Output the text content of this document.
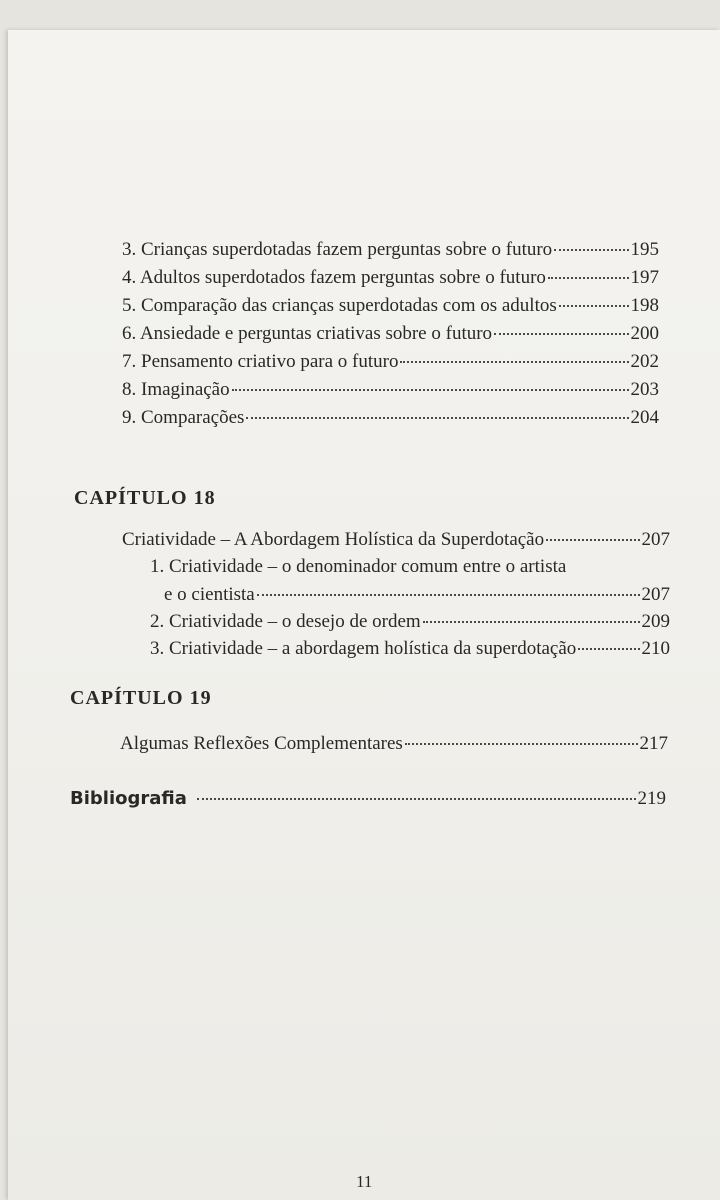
3. Crianças superdotadas fazem perguntas sobre o futuro	195
4. Adultos superdotados fazem perguntas sobre o futuro	197
5. Comparação das crianças superdotadas com os adultos	198
6. Ansiedade e perguntas criativas sobre o futuro	200
7. Pensamento criativo para o futuro	202
8. Imaginação	203
9. Comparações	204
CAPÍTULO 18
Criatividade – A Abordagem Holística da Superdotação	207
1. Criatividade – o denominador comum entre o artista
e o cientista	207
2. Criatividade – o desejo de ordem	209
3. Criatividade – a abordagem holística da superdotação	210
CAPÍTULO 19
Algumas Reflexões Complementares	217
Bibliografia	219
11
